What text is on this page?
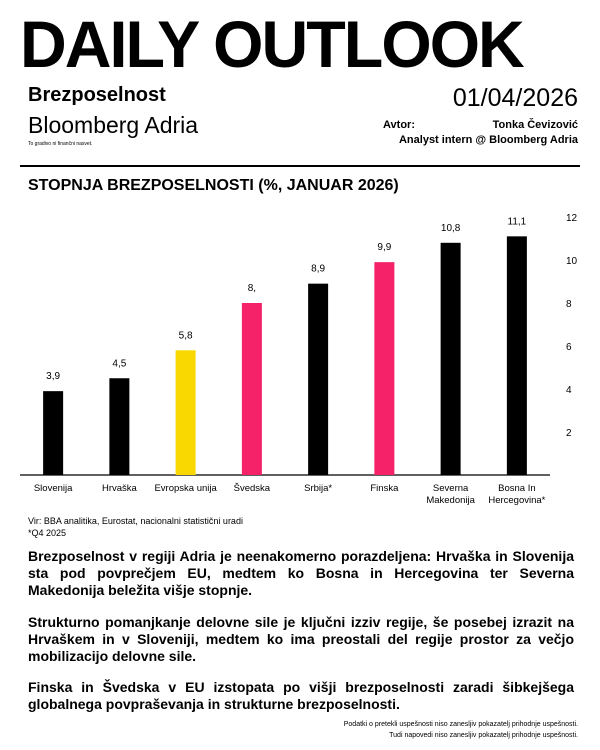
DAILY OUTLOOK
Brezposelnost	01/04/2026
Bloomberg Adria
To gradivo ni finančni nasvet.
Avtor:	Tonka Čevizović
Analyst intern @ Bloomberg Adria
STOPNJA BREZPOSELNOSTI (%, JANUAR 2026)
2
4
6
8
10
12
3,9
Slovenija
4,5
Hrvaška
5,8
Evropska unija
8,
Švedska
8,9
Srbija*
9,9
Finska
10,8
Severna
Makedonija
11,1
Bosna In
Hercegovina*
Vir: BBA analitika, Eurostat, nacionalni statistični uradi
*Q4 2025
Brezposelnost v regiji Adria je neenakomerno porazdeljena: Hrvaška in Slovenija sta pod povprečjem EU, medtem ko Bosna in Hercegovina ter Severna Makedonija beležita višje stopnje.
Strukturno pomanjkanje delovne sile je ključni izziv regije, še posebej izrazit na Hrvaškem in v Sloveniji, medtem ko ima preostali del regije prostor za večjo mobilizacijo delovne sile.
Finska in Švedska v EU izstopata po višji brezposelnosti zaradi šibkejšega globalnega povpraševanja in strukturne brezposelnosti.
Podatki o pretekli uspešnosti niso zanesljiv pokazatelj prihodnje uspešnosti.
Tudi napovedi niso zanesljiv pokazatelj prihodnje uspešnosti.
